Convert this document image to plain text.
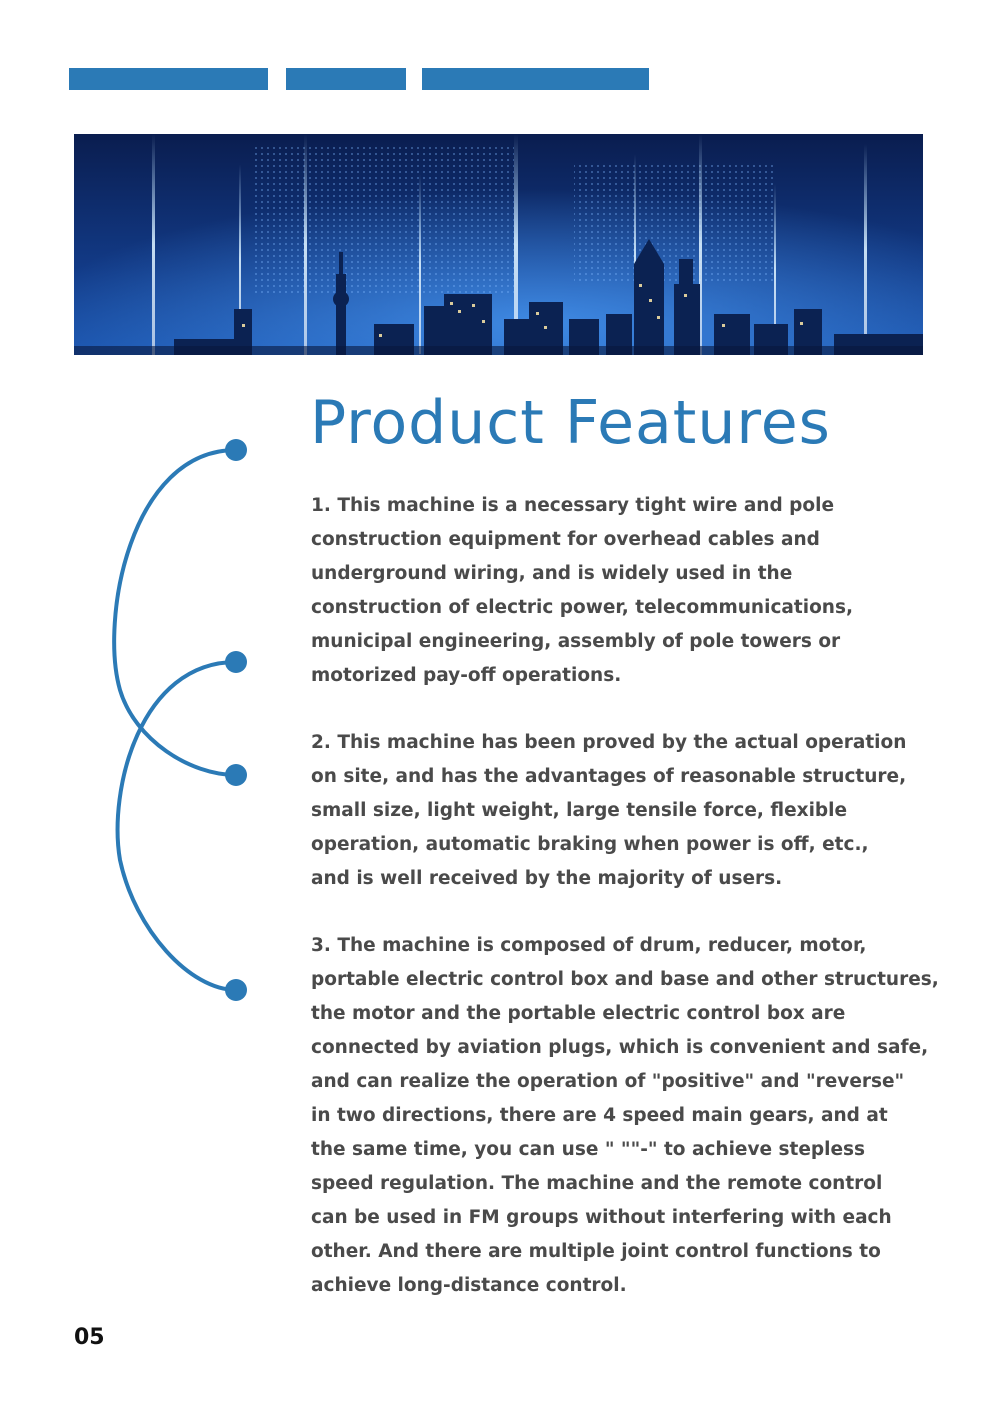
Product Features

1. This machine is a necessary tight wire and pole
construction equipment for overhead cables and
underground wiring, and is widely used in the
construction of electric power, telecommunications,
municipal engineering, assembly of pole towers or
motorized pay-off operations.

2. This machine has been proved by the actual operation
on site, and has the advantages of reasonable structure,
small size, light weight, large tensile force, flexible
operation, automatic braking when power is off, etc.,
and is well received by the majority of users.

3. The machine is composed of drum, reducer, motor,
portable electric control box and base and other structures,
the motor and the portable electric control box are
connected by aviation plugs, which is convenient and safe,
and can realize the operation of "positive" and "reverse"
in two directions, there are 4 speed main gears, and at
the same time, you can use " ""-" to achieve stepless
speed regulation. The machine and the remote control
can be used in FM groups without interfering with each
other. And there are multiple joint control functions to
achieve long-distance control.

05
